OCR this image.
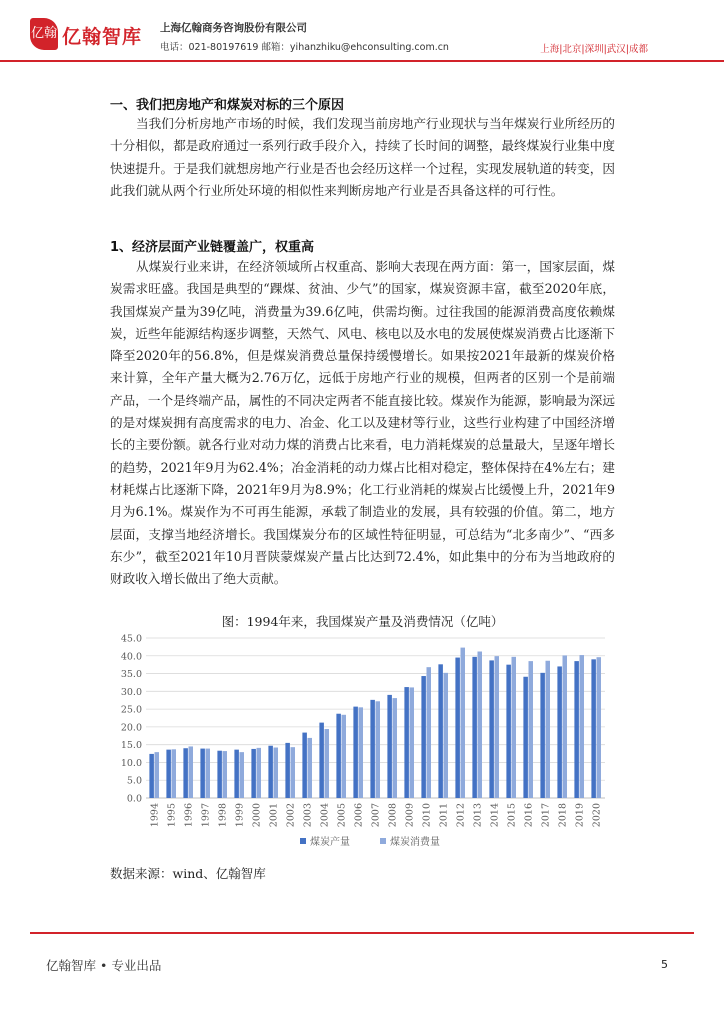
亿翰 亿翰智库 上海亿翰商务咨询股份有限公司
电话：021-80197619 邮箱：yihanzhiku@ehconsulting.com.cn	上海|北京|深圳|武汉|成都
一、我们把房地产和煤炭对标的三个原因

当我们分析房地产市场的时候，我们发现当前房地产行业现状与当年煤炭行业所经历的十分相似，都是政府通过一系列行政手段介入，持续了长时间的调整，最终煤炭行业集中度快速提升。于是我们就想房地产行业是否也会经历这样一个过程，实现发展轨道的转变，因此我们就从两个行业所处环境的相似性来判断房地产行业是否具备这样的可行性。

1、经济层面产业链覆盖广，权重高

从煤炭行业来讲，在经济领域所占权重高、影响大表现在两方面：第一，国家层面，煤炭需求旺盛。我国是典型的“踝煤、贫油、少气”的国家，煤炭资源丰富，截至2020年底，我国煤炭产量为39亿吨，消费量为39.6亿吨，供需均衡。过往我国的能源消费高度依赖煤炭，近些年能源结构逐步调整，天然气、风电、核电以及水电的发展使煤炭消费占比逐渐下降至2020年的56.8%，但是煤炭消费总量保持缓慢增长。如果按2021年最新的煤炭价格来计算，全年产量大概为2.76万亿，远低于房地产行业的规模，但两者的区别一个是前端产品，一个是终端产品，属性的不同决定两者不能直接比较。煤炭作为能源，影响最为深远的是对煤炭拥有高度需求的电力、冶金、化工以及建材等行业，这些行业构建了中国经济增长的主要份额。就各行业对动力煤的消费占比来看，电力消耗煤炭的总量最大，呈逐年增长的趋势，2021年9月为62.4%；冶金消耗的动力煤占比相对稳定，整体保持在4%左右；建材耗煤占比逐渐下降，2021年9月为8.9%；化工行业消耗的煤炭占比缓慢上升，2021年9月为6.1%。煤炭作为不可再生能源，承载了制造业的发展，具有较强的价值。第二，地方层面，支撑当地经济增长。我国煤炭分布的区域性特征明显，可总结为“北多南少”、“西多东少”，截至2021年10月晋陕蒙煤炭产量占比达到72.4%，如此集中的分布为当地政府的财政收入增长做出了绝大贡献。

图：1994年来，我国煤炭产量及消费情况（亿吨）
0.0
5.0
10.0
15.0
20.0
25.0
30.0
35.0
40.0
45.0
1994 1995 1996 1997 1998 1999 2000 2001 2002 2003 2004 2005 2006 2007 2008 2009 2010 2011 2012 2013 2014 2015 2016 2017 2018 2019 2020
煤炭产量	煤炭消费量
数据来源：wind、亿翰智库
亿翰智库 • 专业出品	5
